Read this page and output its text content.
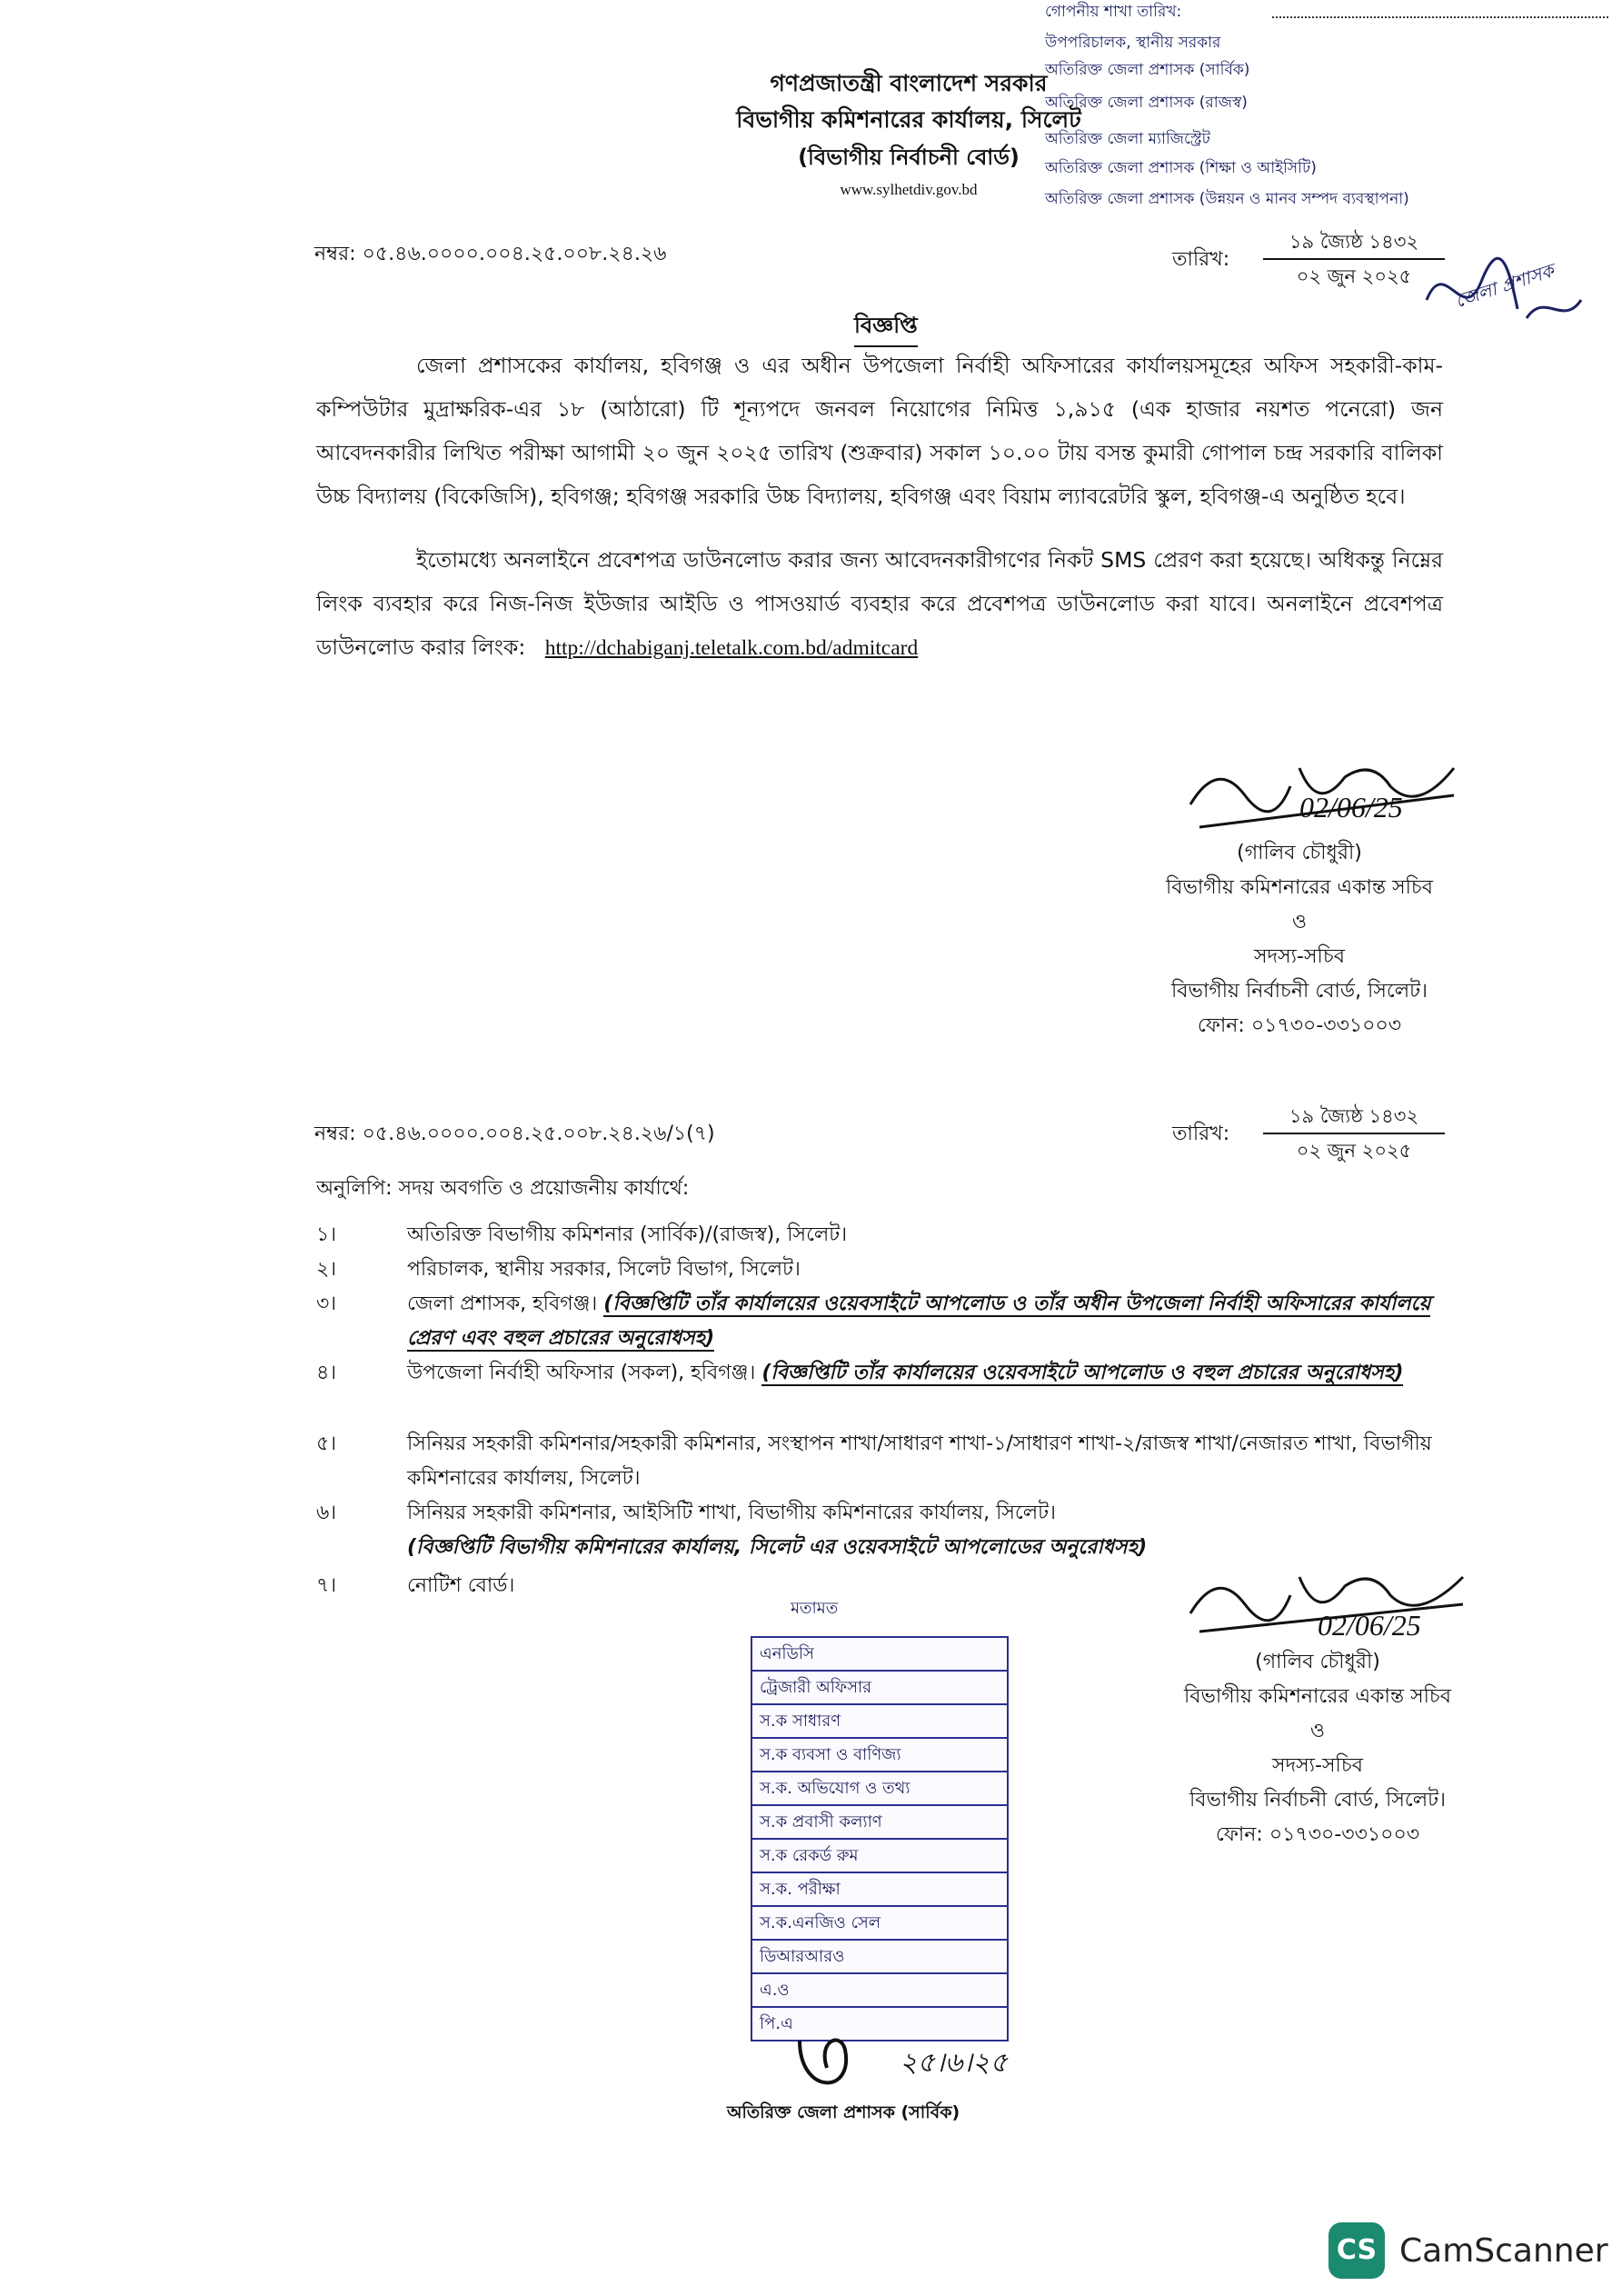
গোপনীয় শাখা তারিখ:
উপপরিচালক, স্থানীয় সরকার
অতিরিক্ত জেলা প্রশাসক (সার্বিক)
অতিরিক্ত জেলা প্রশাসক (রাজস্ব)
অতিরিক্ত জেলা ম্যাজিস্ট্রেট
অতিরিক্ত জেলা প্রশাসক (শিক্ষা ও আইসিটি)
অতিরিক্ত জেলা প্রশাসক (উন্নয়ন ও মানব সম্পদ ব্যবস্থাপনা)
গণপ্রজাতন্ত্রী বাংলাদেশ সরকার
বিভাগীয় কমিশনারের কার্যালয়, সিলেট
(বিভাগীয় নির্বাচনী বোর্ড)
www.sylhetdiv.gov.bd
নম্বর: ০৫.৪৬.০০০০.০০৪.২৫.০০৮.২৪.২৬	তারিখ:
১৯ জ্যৈষ্ঠ ১৪৩২
০২ জুন ২০২৫	জেলা প্রশাসক
বিজ্ঞপ্তি

জেলা প্রশাসকের কার্যালয়, হবিগঞ্জ ও এর অধীন উপজেলা নির্বাহী অফিসারের কার্যালয়সমূহের অফিস সহকারী-কাম-কম্পিউটার মুদ্রাক্ষরিক-এর ১৮ (আঠারো) টি শূন্যপদে জনবল নিয়োগের নিমিত্ত ১,৯১৫ (এক হাজার নয়শত পনেরো) জন আবেদনকারীর লিখিত পরীক্ষা আগামী ২০ জুন ২০২৫ তারিখ (শুক্রবার) সকাল ১০.০০ টায় বসন্ত কুমারী গোপাল চন্দ্র সরকারি বালিকা উচ্চ বিদ্যালয় (বিকেজিসি), হবিগঞ্জ; হবিগঞ্জ সরকারি উচ্চ বিদ্যালয়, হবিগঞ্জ এবং বিয়াম ল্যাবরেটরি স্কুল, হবিগঞ্জ-এ অনুষ্ঠিত হবে।

ইতোমধ্যে অনলাইনে প্রবেশপত্র ডাউনলোড করার জন্য আবেদনকারীগণের নিকট SMS প্রেরণ করা হয়েছে। অধিকন্তু নিম্নের লিংক ব্যবহার করে নিজ-নিজ ইউজার আইডি ও পাসওয়ার্ড ব্যবহার করে প্রবেশপত্র ডাউনলোড করা যাবে। অনলাইনে প্রবেশপত্র ডাউনলোড করার লিংক: http://dchabiganj.teletalk.com.bd/admitcard

02/06/25
(গালিব চৌধুরী)
বিভাগীয় কমিশনারের একান্ত সচিব
ও
সদস্য-সচিব
বিভাগীয় নির্বাচনী বোর্ড, সিলেট।
ফোন: ০১৭৩০-৩৩১০০৩
নম্বর: ০৫.৪৬.০০০০.০০৪.২৫.০০৮.২৪.২৬/১(৭)	তারিখ:
১৯ জ্যৈষ্ঠ ১৪৩২
০২ জুন ২০২৫
অনুলিপি: সদয় অবগতি ও প্রয়োজনীয় কার্যার্থে:
১।	অতিরিক্ত বিভাগীয় কমিশনার (সার্বিক)/(রাজস্ব), সিলেট।
২।	পরিচালক, স্থানীয় সরকার, সিলেট বিভাগ, সিলেট।
৩।	জেলা প্রশাসক, হবিগঞ্জ। (বিজ্ঞপ্তিটি তাঁর কার্যালয়ের ওয়েবসাইটে আপলোড ও তাঁর অধীন উপজেলা নির্বাহী অফিসারের কার্যালয়ে প্রেরণ এবং বহুল প্রচারের অনুরোধসহ)
৪।	উপজেলা নির্বাহী অফিসার (সকল), হবিগঞ্জ। (বিজ্ঞপ্তিটি তাঁর কার্যালয়ের ওয়েবসাইটে আপলোড ও বহুল প্রচারের অনুরোধসহ)
৫।	সিনিয়র সহকারী কমিশনার/সহকারী কমিশনার, সংস্থাপন শাখা/সাধারণ শাখা-১/সাধারণ শাখা-২/রাজস্ব শাখা/নেজারত শাখা, বিভাগীয় কমিশনারের কার্যালয়, সিলেট।
৬।	সিনিয়র সহকারী কমিশনার, আইসিটি শাখা, বিভাগীয় কমিশনারের কার্যালয়, সিলেট।
(বিজ্ঞপ্তিটি বিভাগীয় কমিশনারের কার্যালয়, সিলেট এর ওয়েবসাইটে আপলোডের অনুরোধসহ)
৭।	নোটিশ বোর্ড।
মতামত
এনডিসি
ট্রেজারী অফিসার
স.ক সাধারণ
স.ক ব্যবসা ও বাণিজ্য
স.ক. অভিযোগ ও তথ্য
স.ক প্রবাসী কল্যাণ
স.ক রেকর্ড রুম
স.ক. পরীক্ষা
স.ক.এনজিও সেল
ডিআরআরও
এ.ও
পি.এ
২৫।৬।২৫
অতিরিক্ত জেলা প্রশাসক (সার্বিক)
02/06/25
(গালিব চৌধুরী)
বিভাগীয় কমিশনারের একান্ত সচিব
ও
সদস্য-সচিব
বিভাগীয় নির্বাচনী বোর্ড, সিলেট।
ফোন: ০১৭৩০-৩৩১০০৩
CS CamScanner
